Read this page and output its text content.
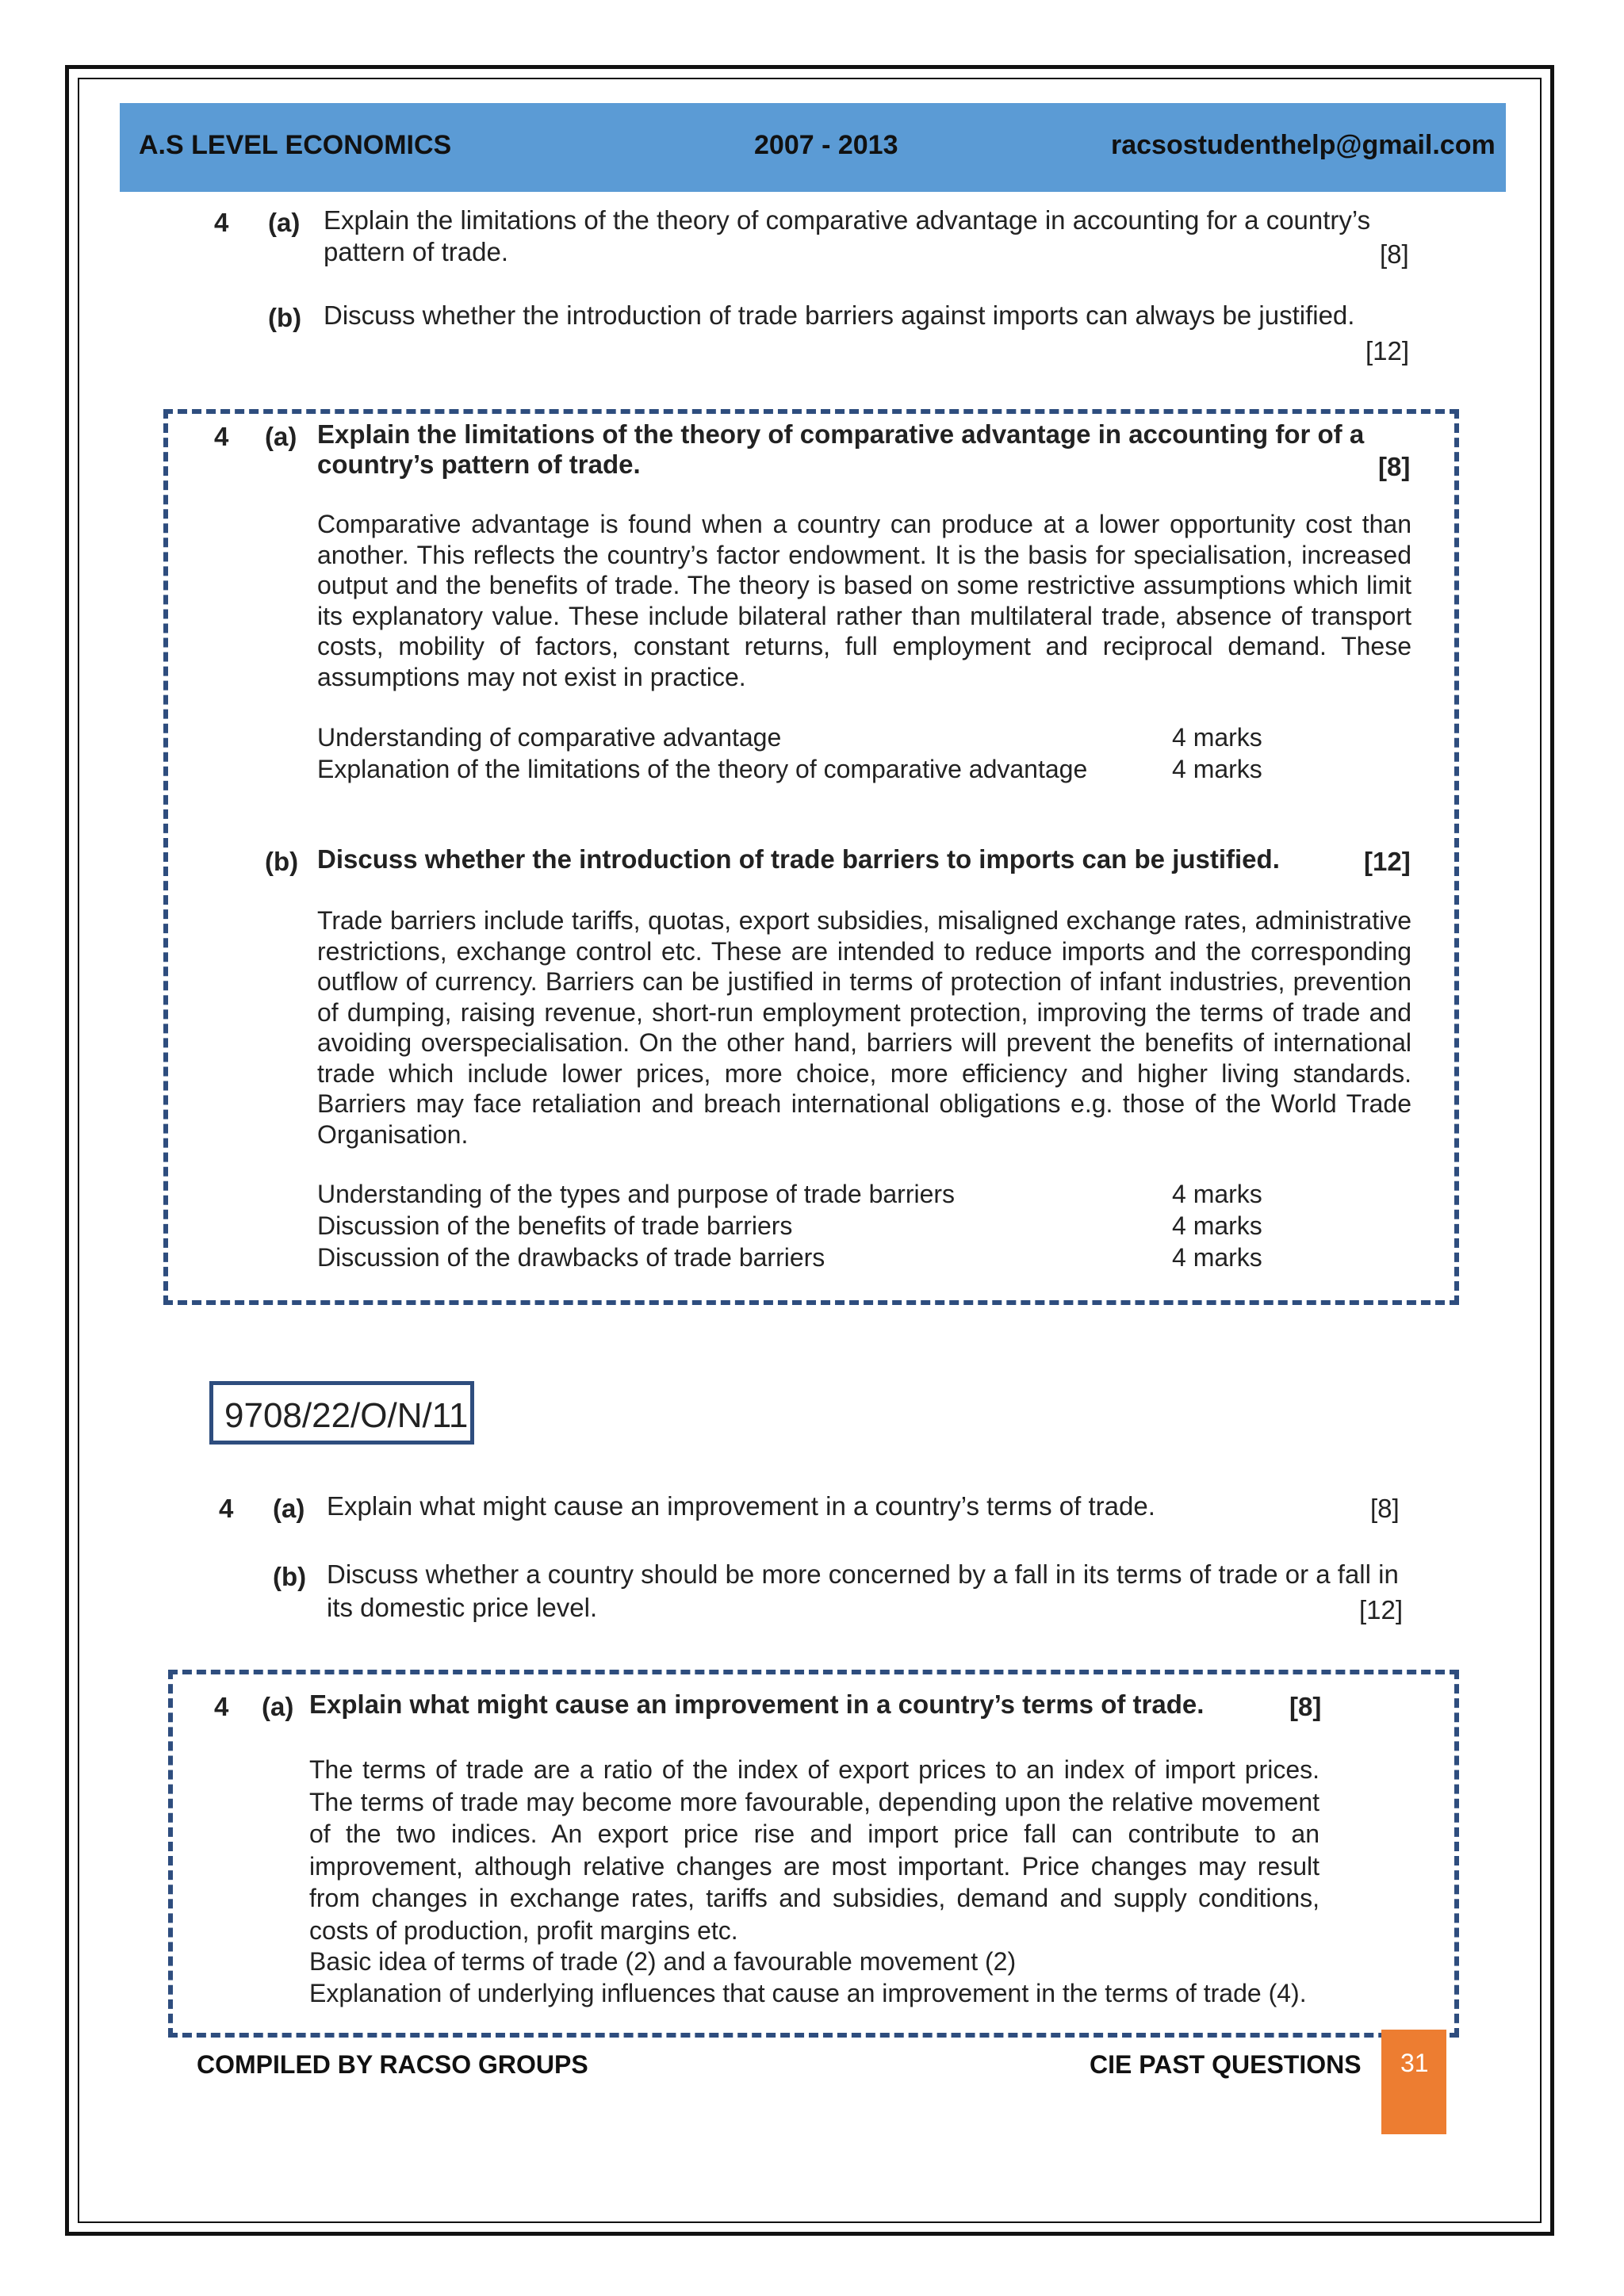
A.S LEVEL ECONOMICS	2007 - 2013	racsostudenthelp@gmail.com
4 (a) Explain the limitations of the theory of comparative advantage in accounting for a country’s
pattern of trade.	[8]
(b) Discuss whether the introduction of trade barriers against imports can always be justified.
[12]
4 (a) Explain the limitations of the theory of comparative advantage in accounting for of a
country’s pattern of trade.	[8]
Comparative advantage is found when a country can produce at a lower opportunity cost than another. This reflects the country’s factor endowment. It is the basis for specialisation, increased output and the benefits of trade. The theory is based on some restrictive assumptions which limit its explanatory value. These include bilateral rather than multilateral trade, absence of transport costs, mobility of factors, constant returns, full employment and reciprocal demand. These assumptions may not exist in practice.
Understanding of comparative advantage	4 marks
Explanation of the limitations of the theory of comparative advantage	4 marks
(b) Discuss whether the introduction of trade barriers to imports can be justified.	[12]
Trade barriers include tariffs, quotas, export subsidies, misaligned exchange rates, administrative restrictions, exchange control etc. These are intended to reduce imports and the corresponding outflow of currency. Barriers can be justified in terms of protection of infant industries, prevention of dumping, raising revenue, short-run employment protection, improving the terms of trade and avoiding overspecialisation. On the other hand, barriers will prevent the benefits of international trade which include lower prices, more choice, more efficiency and higher living standards. Barriers may face retaliation and breach international obligations e.g. those of the World Trade Organisation.
Understanding of the types and purpose of trade barriers	4 marks
Discussion of the benefits of trade barriers	4 marks
Discussion of the drawbacks of trade barriers	4 marks
9708/22/O/N/11
4 (a) Explain what might cause an improvement in a country’s terms of trade.	[8]
(b) Discuss whether a country should be more concerned by a fall in its terms of trade or a fall in
its domestic price level.	[12]
4 (a) Explain what might cause an improvement in a country’s terms of trade.	[8]
The terms of trade are a ratio of the index of export prices to an index of import prices. The terms of trade may become more favourable, depending upon the relative movement of the two indices. An export price rise and import price fall can contribute to an improvement, although relative changes are most important. Price changes may result from changes in exchange rates, tariffs and subsidies, demand and supply conditions, costs of production, profit margins etc.
Basic idea of terms of trade (2) and a favourable movement (2)
Explanation of underlying influences that cause an improvement in the terms of trade (4).
COMPILED BY RACSO GROUPS	CIE PAST QUESTIONS 31
